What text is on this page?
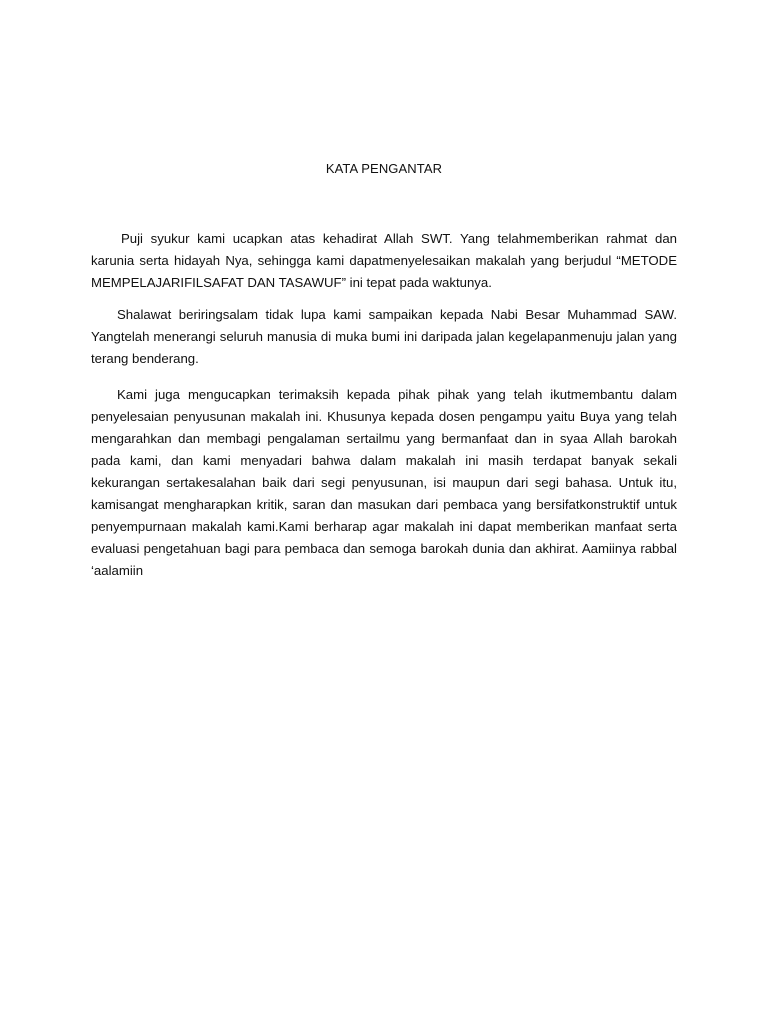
KATA PENGANTAR

Puji syukur kami ucapkan atas kehadirat Allah SWT. Yang telahmemberikan rahmat dan karunia serta hidayah Nya, sehingga kami dapatmenyelesaikan makalah yang berjudul “METODE MEMPELAJARIFILSAFAT DAN TASAWUF” ini tepat pada waktunya.

Shalawat beriringsalam tidak lupa kami sampaikan kepada Nabi Besar Muhammad SAW. Yangtelah menerangi seluruh manusia di muka bumi ini daripada jalan kegelapanmenuju jalan yang terang benderang.

Kami juga mengucapkan terimaksih kepada pihak pihak yang telah ikutmembantu dalam penyelesaian penyusunan makalah ini. Khusunya kepada dosen pengampu yaitu Buya yang telah mengarahkan dan membagi pengalaman sertailmu yang bermanfaat dan in syaa Allah barokah pada kami, dan kami menyadari bahwa dalam makalah ini masih terdapat banyak sekali kekurangan sertakesalahan baik dari segi penyusunan, isi maupun dari segi bahasa. Untuk itu, kamisangat mengharapkan kritik, saran dan masukan dari pembaca yang bersifatkonstruktif untuk penyempurnaan makalah kami.Kami berharap agar makalah ini dapat memberikan manfaat serta evaluasi pengetahuan bagi para pembaca dan semoga barokah dunia dan akhirat. Aamiinya rabbal ‘aalamiin
